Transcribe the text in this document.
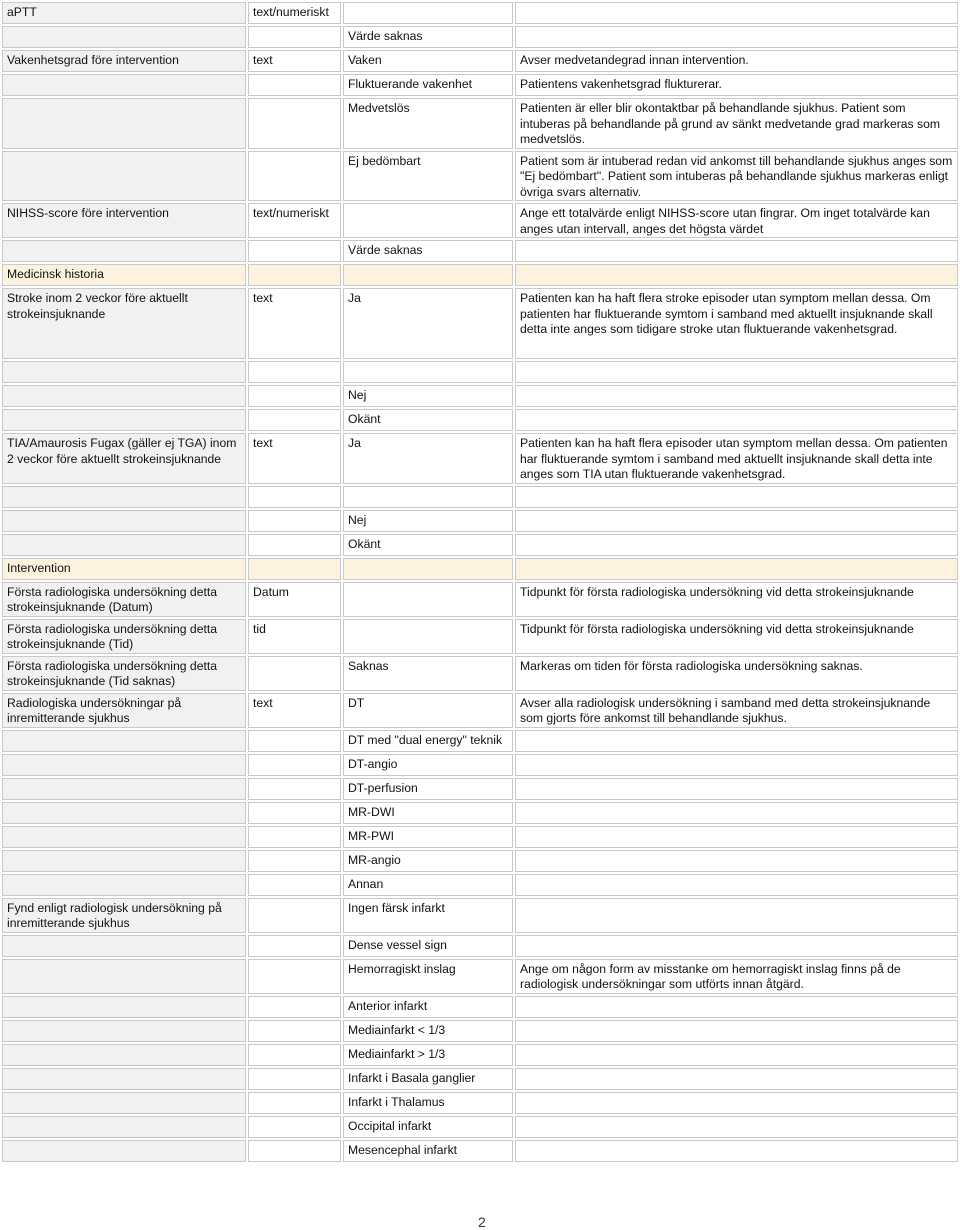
aPTT	text/numeriskt		
		Värde saknas	
Vakenhetsgrad före intervention	text	Vaken	Avser medvetandegrad innan intervention.
		Fluktuerande vakenhet	Patientens vakenhetsgrad flukturerar.
		Medvetslös	Patienten är eller blir okontaktbar på behandlande sjukhus. Patient som intuberas på behandlande på grund av sänkt medvetande grad markeras som medvetslös.
		Ej bedömbart	Patient som är intuberad redan vid ankomst till behandlande sjukhus anges som "Ej bedömbart". Patient som intuberas på behandlande sjukhus markeras enligt övriga svars alternativ.
NIHSS-score före intervention	text/numeriskt		Ange ett totalvärde enligt NIHSS-score utan fingrar. Om inget totalvärde kan anges utan intervall, anges det högsta värdet
		Värde saknas	
Medicinsk historia			
Stroke inom 2 veckor före aktuellt strokeinsjuknande	text	Ja	Patienten kan ha haft flera stroke episoder utan symptom mellan dessa. Om patienten har fluktuerande symtom i samband med aktuellt insjuknande skall detta inte anges som tidigare stroke utan fluktuerande vakenhetsgrad.

		Nej	
		Okänt	
TIA/Amaurosis Fugax (gäller ej TGA) inom 2 veckor före aktuellt strokeinsjuknande	text	Ja	Patienten kan ha haft flera episoder utan symptom mellan dessa. Om patienten har fluktuerande symtom i samband med aktuellt insjuknande skall detta inte anges som TIA utan fluktuerande vakenhetsgrad.

		Nej	
		Okänt	
Intervention			
Första radiologiska undersökning detta strokeinsjuknande (Datum)	Datum		Tidpunkt för första radiologiska undersökning vid detta strokeinsjuknande
Första radiologiska undersökning detta strokeinsjuknande (Tid)	tid		Tidpunkt för första radiologiska undersökning vid detta strokeinsjuknande
Första radiologiska undersökning detta strokeinsjuknande (Tid saknas)		Saknas	Markeras om tiden för första radiologiska undersökning saknas.
Radiologiska undersökningar på inremitterande sjukhus	text	DT	Avser alla radiologisk undersökning i samband med detta strokeinsjuknande som gjorts före ankomst till behandlande sjukhus.
		DT med "dual energy" teknik	
		DT-angio	
		DT-perfusion	
		MR-DWI	
		MR-PWI	
		MR-angio	
		Annan	
Fynd enligt radiologisk undersökning på inremitterande sjukhus		Ingen färsk infarkt	
		Dense vessel sign	
		Hemorragiskt inslag	Ange om någon form av misstanke om hemorragiskt inslag finns på de radiologisk undersökningar som utförts innan åtgärd.
		Anterior infarkt	
		Mediainfarkt < 1/3	
		Mediainfarkt > 1/3	
		Infarkt i Basala ganglier	
		Infarkt i Thalamus	
		Occipital infarkt	
		Mesencephal infarkt	
2
